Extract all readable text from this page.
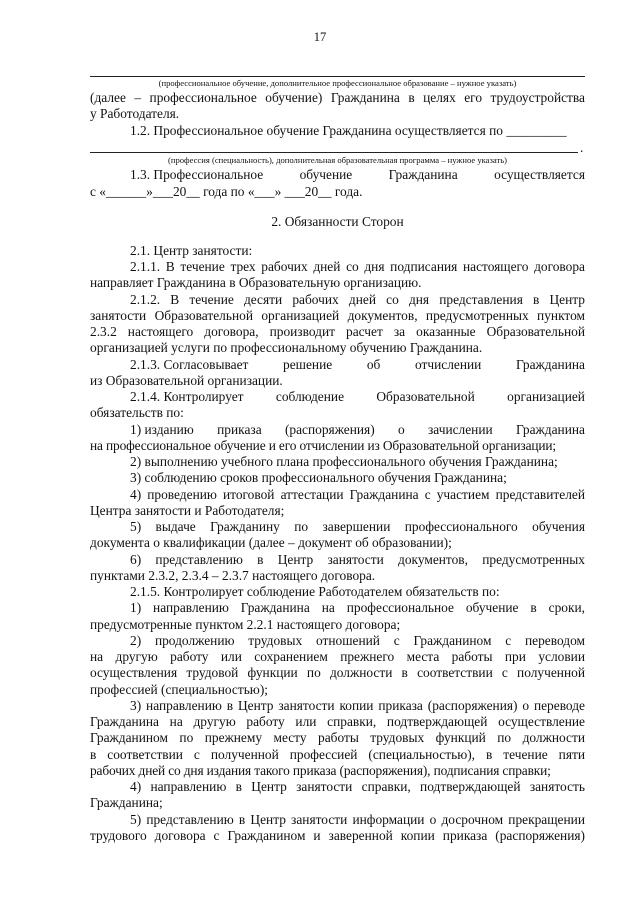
17
(профессиональное обучение, дополнительное профессиональное образование – нужное указать)
(далее – профессиональное обучение) Гражданина в целях его трудоустройства
у Работодателя.
1.2. Профессиональное обучение Гражданина осуществляется по _________
.
(профессия (специальность), дополнительная образовательная программа – нужное указать)
1.3. Профессиональное	обучение	Гражданина	осуществляется
с «______»___20__ года по «___» ___20__ года.
2. Обязанности Сторон
2.1. Центр занятости:
2.1.1. В течение трех рабочих дней со дня подписания настоящего договора
направляет Гражданина в Образовательную организацию.
2.1.2. В течение десяти рабочих дней со дня представления в Центр
занятости Образовательной организацией документов, предусмотренных пунктом
2.3.2 настоящего договора, производит расчет за оказанные Образовательной
организацией услуги по профессиональному обучению Гражданина.
2.1.3. Согласовывает	решение	об	отчислении	Гражданина
из Образовательной организации.
2.1.4. Контролирует соблюдение Образовательной организацией
обязательств по:
1) изданию приказа (распоряжения) о зачислении Гражданина
на профессиональное обучение и его отчислении из Образовательной организации;
2) выполнению учебного плана профессионального обучения Гражданина;
3) соблюдению сроков профессионального обучения Гражданина;
4) проведению итоговой аттестации Гражданина с участием представителей
Центра занятости и Работодателя;
5) выдаче Гражданину по завершении профессионального обучения
документа о квалификации (далее – документ об образовании);
6) представлению в Центр занятости документов, предусмотренных
пунктами 2.3.2, 2.3.4 – 2.3.7 настоящего договора.
2.1.5. Контролирует соблюдение Работодателем обязательств по:
1) направлению Гражданина на профессиональное обучение в сроки,
предусмотренные пунктом 2.2.1 настоящего договора;
2) продолжению трудовых отношений с Гражданином с переводом
на другую работу или сохранением прежнего места работы при условии
осуществления трудовой функции по должности в соответствии с полученной
профессией (специальностью);
3) направлению в Центр занятости копии приказа (распоряжения) о переводе
Гражданина на другую работу или справки, подтверждающей осуществление
Гражданином по прежнему месту работы трудовых функций по должности
в соответствии с полученной профессией (специальностью), в течение пяти
рабочих дней со дня издания такого приказа (распоряжения), подписания справки;
4) направлению в Центр занятости справки, подтверждающей занятость
Гражданина;
5) представлению в Центр занятости информации о досрочном прекращении
трудового договора с Гражданином и заверенной копии приказа (распоряжения)
